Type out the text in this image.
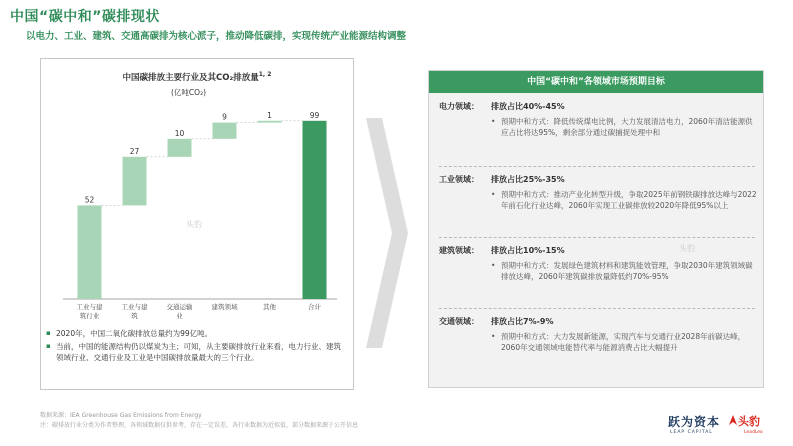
中国“碳中和”碳排现状
以电力、工业、建筑、交通高碳排为核心派子，推动降低碳排，实现传统产业能源结构调整
中国碳排放主要行业及其CO₂排放量$^{1, 2}$
(亿吨CO₂)
52
工业与建
筑行业
27
工业与建
筑
10
交通运输
业
9
建筑领域
1
其他
99
合计
头豹
▪ 2020年，中国二氧化碳排放总量约为99亿吨。
▪ 当前，中国的能源结构仍以煤炭为主；可知，从主要碳排放行业来看，电力行业、建筑领域行业、交通行业及工业是中国碳排放量最大的三个行业。
中国“碳中和”各领域市场预期目标
电力领域： 排放占比40%-45%
• 预期中和方式：降低传统煤电比例，大力发展清洁电力，2060年清洁能源供应占比将达95%，剩余部分通过碳捕捉处理中和
工业领域： 排放占比25%-35%
• 预期中和方式：推动产业化转型升级，争取2025年前钢铁碳排放达峰与2022年前石化行业达峰，2060年实现工业碳排放较2020年降低95%以上
建筑领域： 排放占比10%-15%
• 预期中和方式：发展绿色建筑材料和建筑能效管理，争取2030年建筑领域碳排放达峰，2060年建筑碳排放量降低约70%-95%
交通领域： 排放占比7%-9%
• 预期中和方式：大力发展新能源，实现汽车与交通行业2028年前碳达峰，2060年交通领域电能替代率与能源消费占比大幅提升
头豹
数据来源：IEA Greenhouse Gas Emissions from Energy
注：碳排放行业分类为作者整理，各领域数据仅供参考，存在一定误差，各行业数据为近似值，部分数据来源于公开信息	跃为资本
LEAP CAPITAL
头豹
LeadLeo
